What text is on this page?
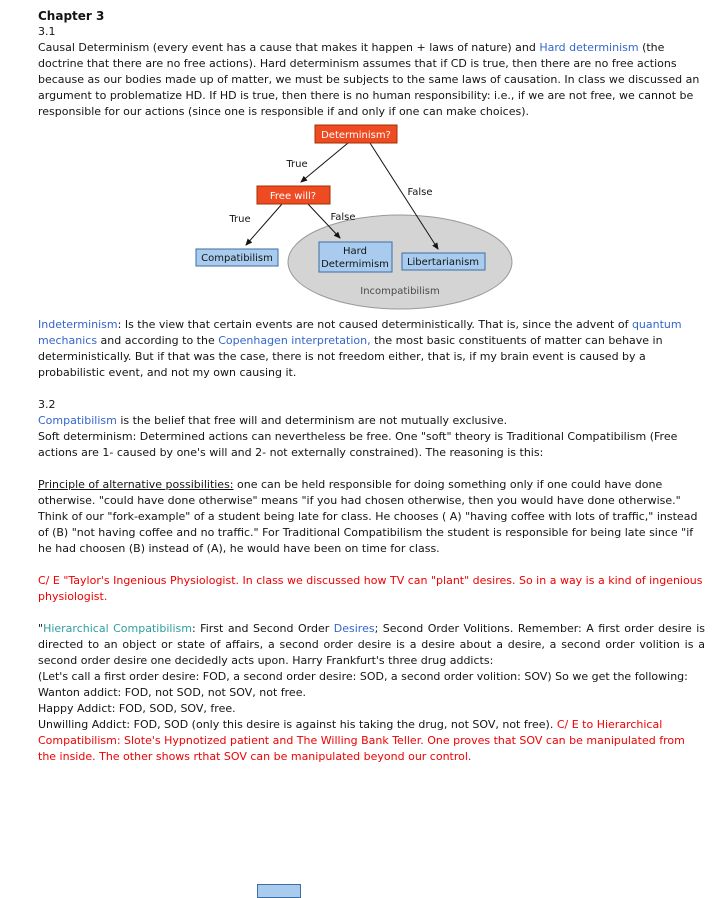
Chapter 3
3.1
Causal Determinism (every event has a cause that makes it happen + laws of nature) and Hard determinism (the doctrine that there are no free actions). Hard determinism assumes that if CD is true, then there are no free actions because as our bodies made up of matter, we must be subjects to the same laws of causation. In class we discussed an argument to problematize HD. If HD is true, then there is no human responsibility: i.e., if we are not free, we cannot be responsible for our actions (since one is responsible if and only if one can make choices).
True
False
True	False
Determinism?
Free will?
Compatibilism
Hard
Determimism Libertarianism
Incompatibilism
Indeterminism: Is the view that certain events are not caused deterministically. That is, since the advent of quantum mechanics and according to the Copenhagen interpretation, the most basic constituents of matter can behave in deterministically. But if that was the case, there is not freedom either, that is, if my brain event is caused by a probabilistic event, and not my own causing it.
3.2
Compatibilism is the belief that free will and determinism are not mutually exclusive.
Soft determinism: Determined actions can nevertheless be free. One "soft" theory is Traditional Compatibilism (Free actions are 1- caused by one's will and 2- not externally constrained). The reasoning is this:
Principle of alternative possibilities: one can be held responsible for doing something only if one could have done otherwise. "could have done otherwise" means "if you had chosen otherwise, then you would have done otherwise." Think of our "fork-example" of a student being late for class. He chooses ( A) "having coffee with lots of traffic," instead of (B) "not having coffee and no traffic." For Traditional Compatibilism the student is responsible for being late since "if he had choosen (B) instead of (A), he would have been on time for class.
C/ E "Taylor's Ingenious Physiologist. In class we discussed how TV can "plant" desires. So in a way is a kind of ingenious physiologist.
"Hierarchical Compatibilism: First and Second Order Desires; Second Order Volitions. Remember: A first order desire is directed to an object or state of affairs, a second order desire is a desire about a desire, a second order volition is a second order desire one decidedly acts upon. Harry Frankfurt's three drug addicts:
(Let's call a first order desire: FOD, a second order desire: SOD, a second order volition: SOV) So we get the following:
Wanton addict: FOD, not SOD, not SOV, not free.
Happy Addict: FOD, SOD, SOV, free.
Unwilling Addict: FOD, SOD (only this desire is against his taking the drug, not SOV, not free). C/ E to Hierarchical Compatibilism: Slote's Hypnotized patient and The Willing Bank Teller. One proves that SOV can be manipulated from the inside. The other shows rthat SOV can be manipulated beyond our control.
